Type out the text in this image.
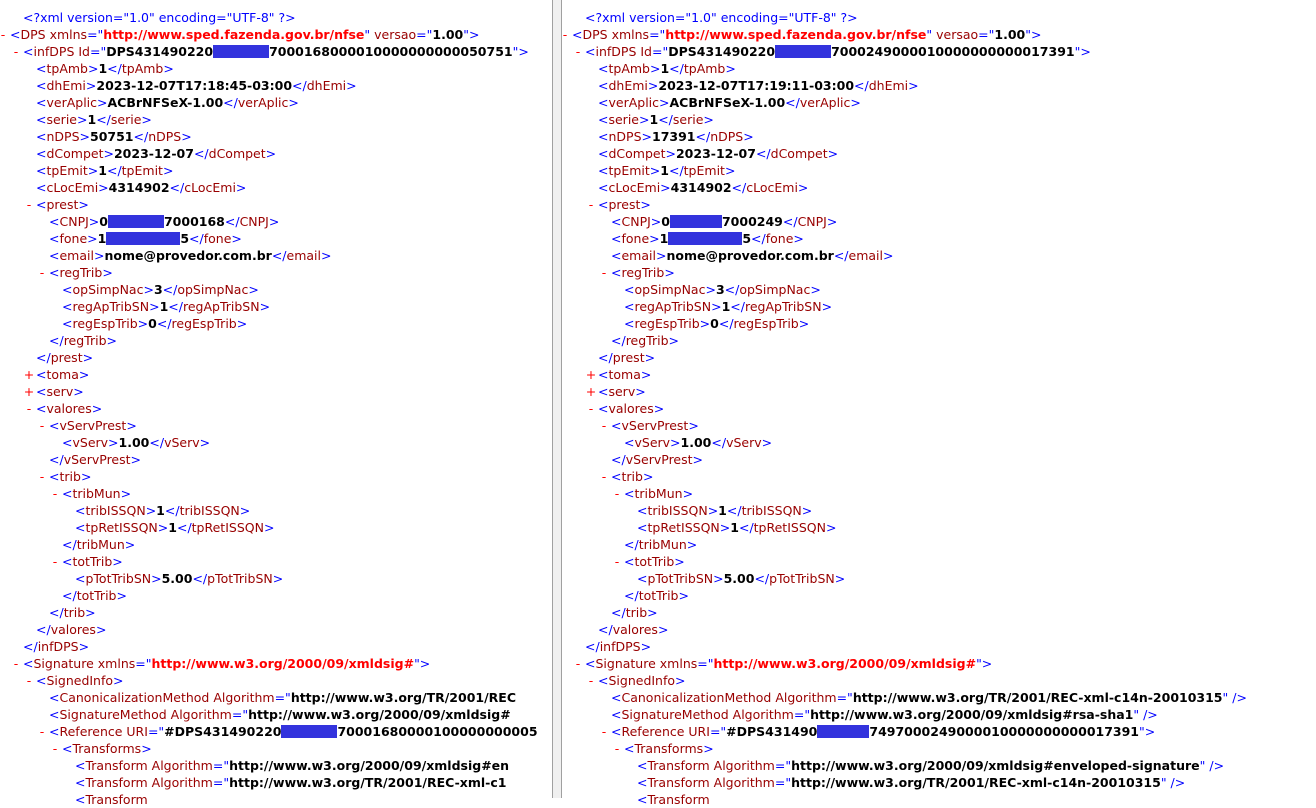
<?xml version="1.0" encoding="UTF-8" ?>
- <DPS xmlns="http://www.sped.fazenda.gov.br/nfse" versao="1.00">
- <infDPS Id="DPS431490220	7000168000010000000000050751">
<tpAmb>1</tpAmb>
<dhEmi>2023-12-07T17:18:45-03:00</dhEmi>
<verAplic>ACBrNFSeX-1.00</verAplic>
<serie>1</serie>
<nDPS>50751</nDPS>
<dCompet>2023-12-07</dCompet>
<tpEmit>1</tpEmit>
<cLocEmi>4314902</cLocEmi>
- <prest>
<CNPJ>0	7000168</CNPJ>
<fone>1	5</fone>
<email>nome@provedor.com.br</email>
- <regTrib>
<opSimpNac>3</opSimpNac>
<regApTribSN>1</regApTribSN>
<regEspTrib>0</regEspTrib>
</regTrib>
</prest>
+ <toma>
+ <serv>
- <valores>
- <vServPrest>
<vServ>1.00</vServ>
</vServPrest>
- <trib>
- <tribMun>
<tribISSQN>1</tribISSQN>
<tpRetISSQN>1</tpRetISSQN>
</tribMun>
- <totTrib>
<pTotTribSN>5.00</pTotTribSN>
</totTrib>
</trib>
</valores>
</infDPS>
- <Signature xmlns="http://www.w3.org/2000/09/xmldsig#">
- <SignedInfo>
<CanonicalizationMethod Algorithm="http://www.w3.org/TR/2001/REC
<SignatureMethod Algorithm="http://www.w3.org/2000/09/xmldsig#
- <Reference URI="#DPS431490220	70001680000100000000005
- <Transforms>
<Transform Algorithm="http://www.w3.org/2000/09/xmldsig#en
<Transform Algorithm="http://www.w3.org/TR/2001/REC-xml-c1
<Transform
<?xml version="1.0" encoding="UTF-8" ?>
- <DPS xmlns="http://www.sped.fazenda.gov.br/nfse" versao="1.00">
- <infDPS Id="DPS431490220	7000249000010000000000017391">
<tpAmb>1</tpAmb>
<dhEmi>2023-12-07T17:19:11-03:00</dhEmi>
<verAplic>ACBrNFSeX-1.00</verAplic>
<serie>1</serie>
<nDPS>17391</nDPS>
<dCompet>2023-12-07</dCompet>
<tpEmit>1</tpEmit>
<cLocEmi>4314902</cLocEmi>
- <prest>
<CNPJ>0	7000249</CNPJ>
<fone>1	5</fone>
<email>nome@provedor.com.br</email>
- <regTrib>
<opSimpNac>3</opSimpNac>
<regApTribSN>1</regApTribSN>
<regEspTrib>0</regEspTrib>
</regTrib>
</prest>
+ <toma>
+ <serv>
- <valores>
- <vServPrest>
<vServ>1.00</vServ>
</vServPrest>
- <trib>
- <tribMun>
<tribISSQN>1</tribISSQN>
<tpRetISSQN>1</tpRetISSQN>
</tribMun>
- <totTrib>
<pTotTribSN>5.00</pTotTribSN>
</totTrib>
</trib>
</valores>
</infDPS>
- <Signature xmlns="http://www.w3.org/2000/09/xmldsig#">
- <SignedInfo>
<CanonicalizationMethod Algorithm="http://www.w3.org/TR/2001/REC-xml-c14n-20010315" />
<SignatureMethod Algorithm="http://www.w3.org/2000/09/xmldsig#rsa-sha1" />
- <Reference URI="#DPS431490	7497000249000010000000000017391">
- <Transforms>
<Transform Algorithm="http://www.w3.org/2000/09/xmldsig#enveloped-signature" />
<Transform Algorithm="http://www.w3.org/TR/2001/REC-xml-c14n-20010315" />
<Transform
